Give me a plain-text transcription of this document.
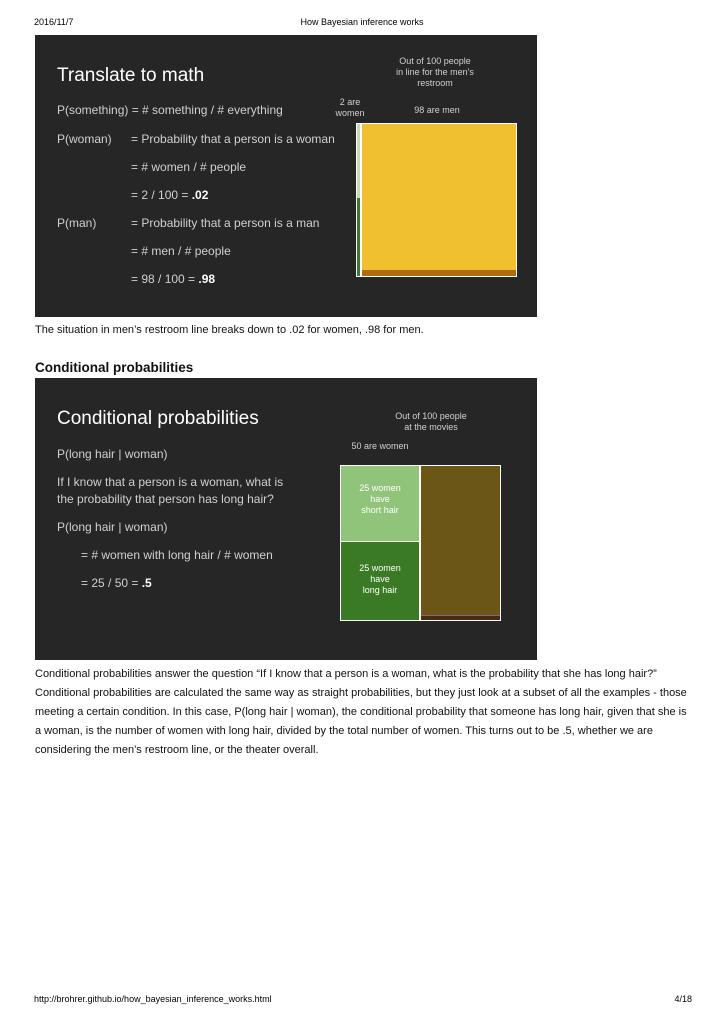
2016/11/7	How Bayesian inference works
Translate to math
P(something) = # something / # everything
P(woman) = Probability that a person is a woman
= # women / # people
= 2 / 100 = .02
P(man)	= Probability that a person is a man
= # men / # people
= 98 / 100 = .98
Out of 100 people
in line for the men's
restroom
2 are
women	98 are men
The situation in men’s restroom line breaks down to .02 for women, .98 for men.
Conditional probabilities
Conditional probabilities
P(long hair | woman)
If I know that a person is a woman, what is
the probability that person has long hair?
P(long hair | woman)
= # women with long hair / # women
= 25 / 50 = .5
Out of 100 people
at the movies
50 are women
25 women
have
short hair
25 women
have
long hair
Conditional probabilities answer the question “If I know that a person is a woman, what is the probability that she has long hair?” Conditional probabilities are calculated the same way as straight probabilities, but they just look at a subset of all the examples - those meeting a certain condition. In this case, P(long hair | woman), the conditional probability that someone has long hair, given that she is a woman, is the number of women with long hair, divided by the total number of women. This turns out to be .5, whether we are considering the men’s restroom line, or the theater overall.
http://brohrer.github.io/how_bayesian_inference_works.html	4/18
